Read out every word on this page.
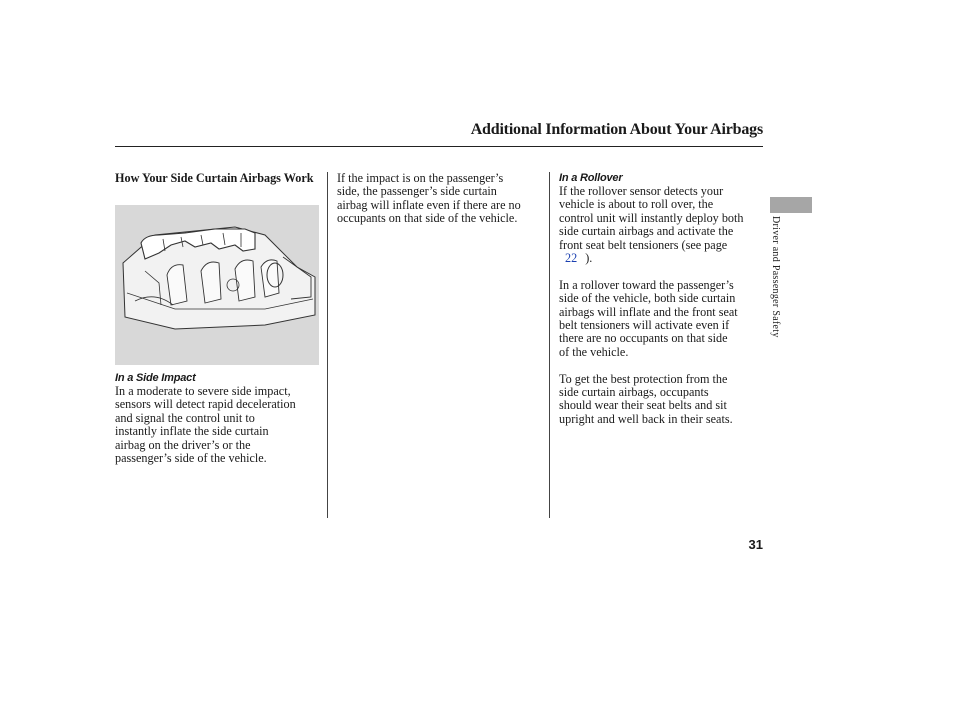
Additional Information About Your Airbags

How Your Side Curtain Airbags Work

In a Side Impact

In a moderate to severe side impact,

sensors will detect rapid deceleration

and signal the control unit to

instantly inflate the side curtain

airbag on the driver’s or the

passenger’s side of the vehicle.

If the impact is on the passenger’s

side, the passenger’s side curtain

airbag will inflate even if there are no

occupants on that side of the vehicle.

In a Rollover

If the rollover sensor detects your

vehicle is about to roll over, the

control unit will instantly deploy both

side curtain airbags and activate the

front seat belt tensioners (see page

22 ).

In a rollover toward the passenger’s

side of the vehicle, both side curtain

airbags will inflate and the front seat

belt tensioners will activate even if

there are no occupants on that side

of the vehicle.

To get the best protection from the

side curtain airbags, occupants

should wear their seat belts and sit

upright and well back in their seats.

Driver and Passenger Safety
31
